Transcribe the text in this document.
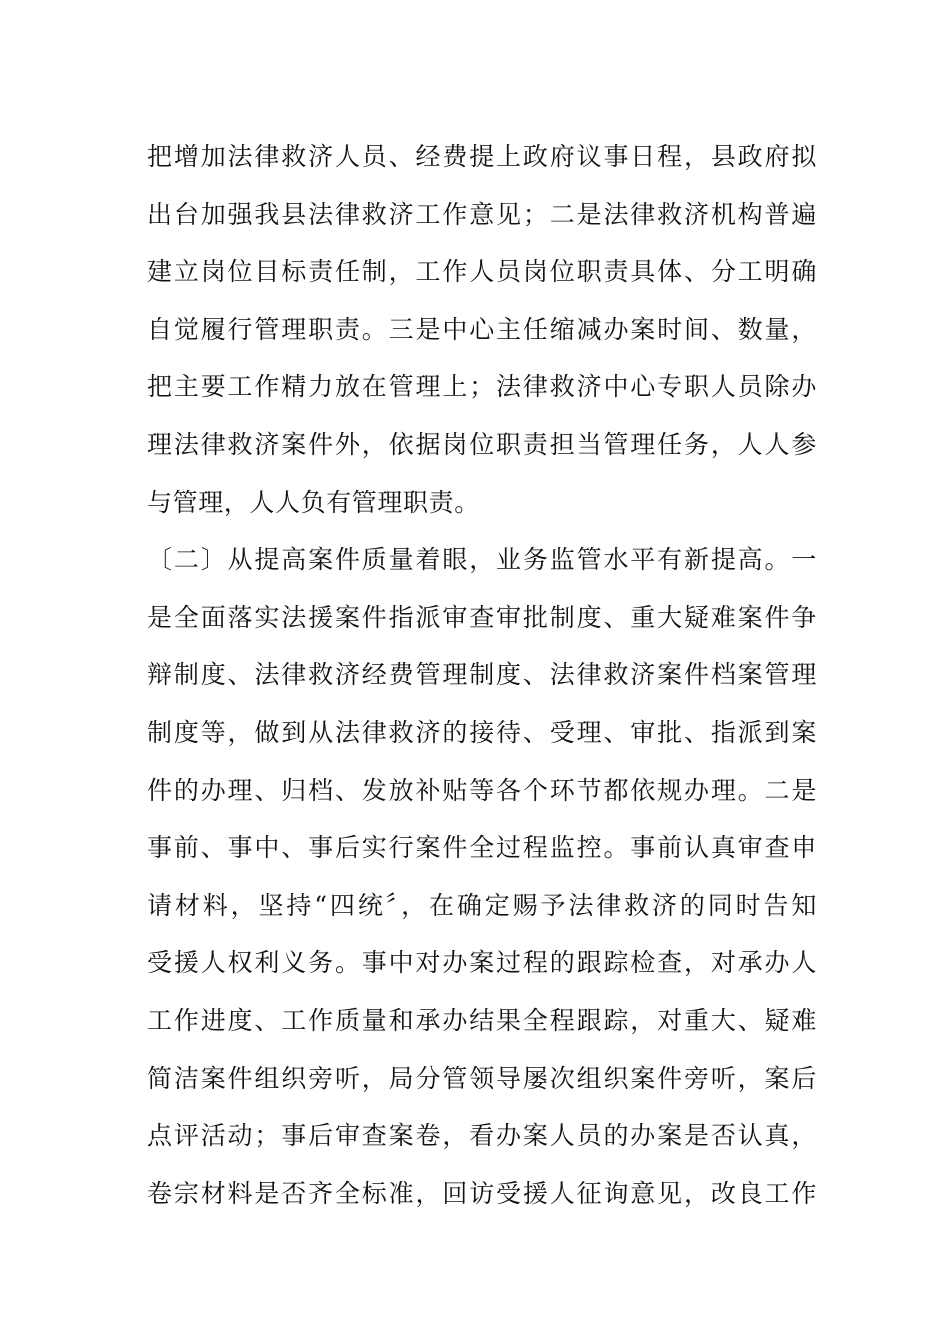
把增加法律救济人员、经费提上政府议事日程，县政府拟
出台加强我县法律救济工作意见；二是法律救济机构普遍
建立岗位目标责任制，工作人员岗位职责具体、分工明确
自觉履行管理职责。三是中心主任缩减办案时间、数量，
把主要工作精力放在管理上；法律救济中心专职人员除办
理法律救济案件外，依据岗位职责担当管理任务，人人参
与管理，人人负有管理职责。
〔二〕从提高案件质量着眼，业务监管水平有新提高。一
是全面落实法援案件指派审查审批制度、重大疑难案件争
辩制度、法律救济经费管理制度、法律救济案件档案管理
制度等，做到从法律救济的接待、受理、审批、指派到案
件的办理、归档、发放补贴等各个环节都依规办理。二是
事前、事中、事后实行案件全过程监控。事前认真审查申
请材料，坚持“四统〞，在确定赐予法律救济的同时告知
受援人权利义务。事中对办案过程的跟踪检查，对承办人
工作进度、工作质量和承办结果全程跟踪，对重大、疑难
简洁案件组织旁听，局分管领导屡次组织案件旁听，案后
点评活动；事后审查案卷，看办案人员的办案是否认真，
卷宗材料是否齐全标准，回访受援人征询意见，改良工作
